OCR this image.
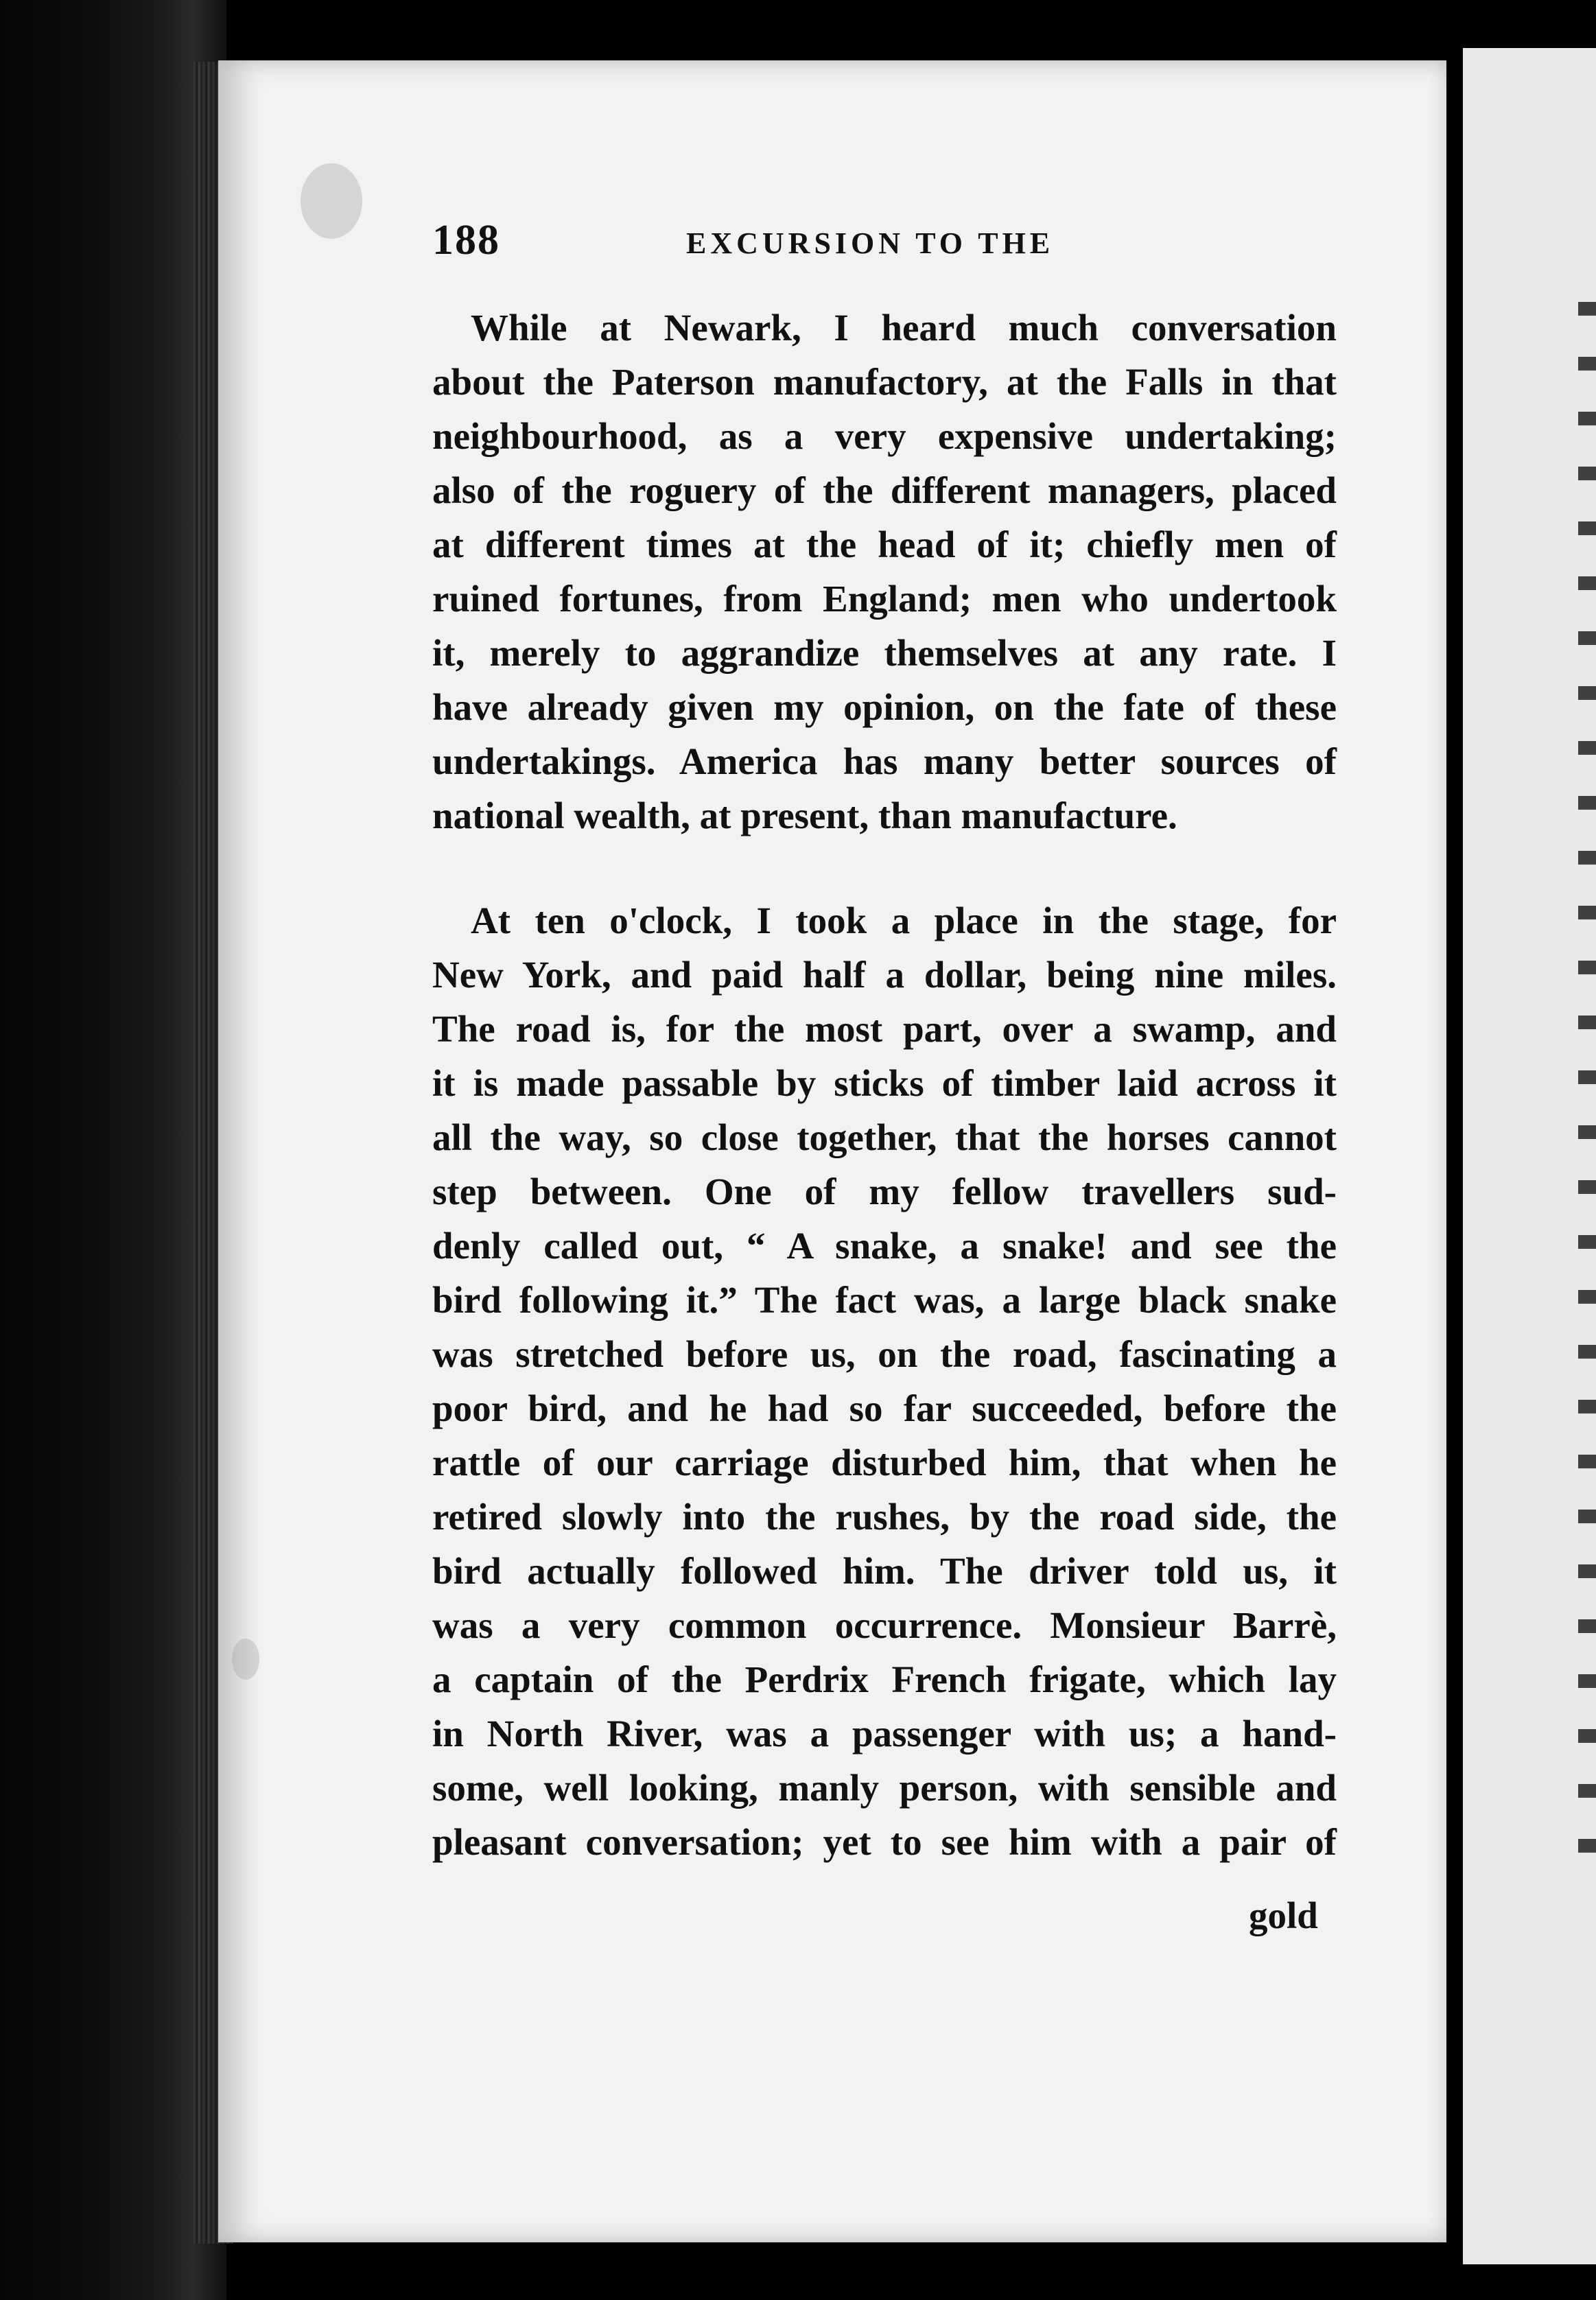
188	EXCURSION TO THE
While at Newark, I heard much conversation
about the Paterson manufactory, at the Falls in that
neighbourhood, as a very expensive undertaking;
also of the roguery of the different managers, placed
at different times at the head of it; chiefly men of
ruined fortunes, from England; men who undertook
it, merely to aggrandize themselves at any rate. I
have already given my opinion, on the fate of these
undertakings. America has many better sources of
national wealth, at present, than manufacture.
At ten o'clock, I took a place in the stage, for
New York, and paid half a dollar, being nine miles.
The road is, for the most part, over a swamp, and
it is made passable by sticks of timber laid across it
all the way, so close together, that the horses cannot
step between. One of my fellow travellers sud-
denly called out, “ A snake, a snake! and see the
bird following it.” The fact was, a large black snake
was stretched before us, on the road, fascinating a
poor bird, and he had so far succeeded, before the
rattle of our carriage disturbed him, that when he
retired slowly into the rushes, by the road side, the
bird actually followed him. The driver told us, it
was a very common occurrence. Monsieur Barrè,
a captain of the Perdrix French frigate, which lay
in North River, was a passenger with us; a hand-
some, well looking, manly person, with sensible and
pleasant conversation; yet to see him with a pair of
gold
